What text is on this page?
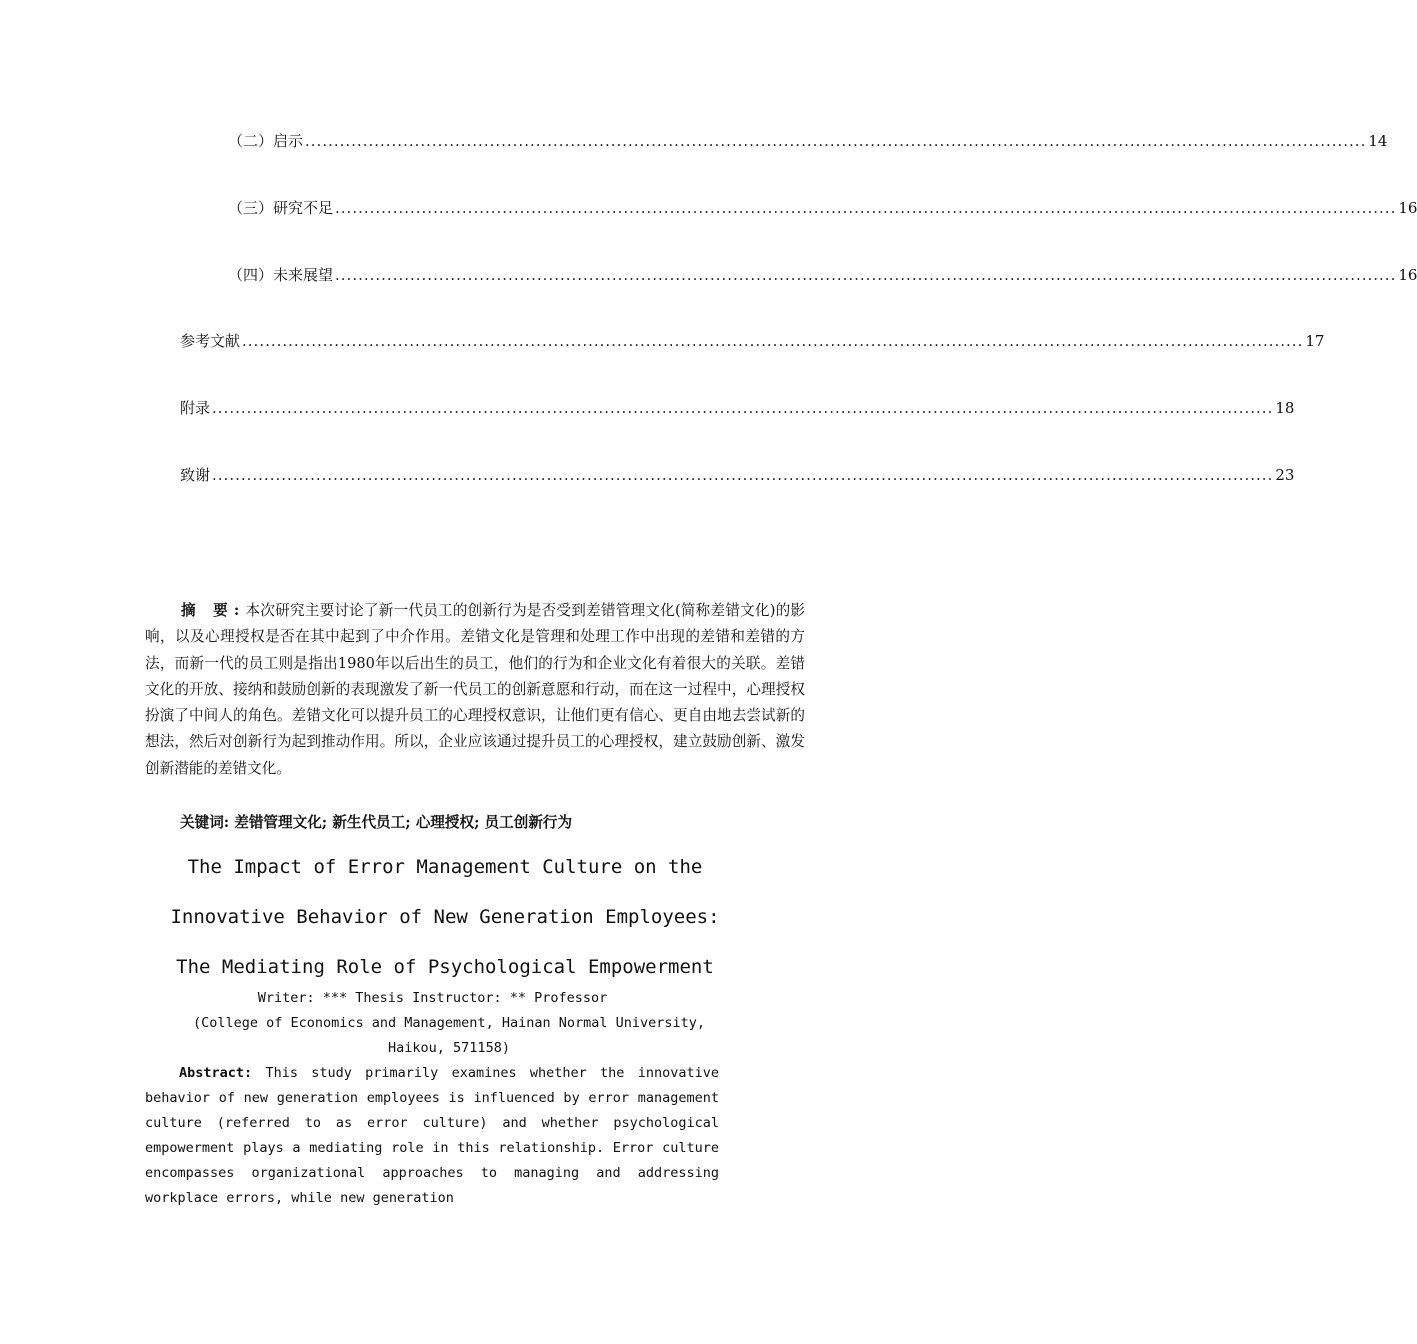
（二）启示 ........................................................................................................................................................................................ 14
（三）研究不足 ........................................................................................................................................................................................ 16
（四）未来展望 ........................................................................................................................................................................................ 16
参考文献 ........................................................................................................................................................................................ 17
附录 ........................................................................................................................................................................................ 18
致谢 ........................................................................................................................................................................................ 23
摘 要:本次研究主要讨论了新一代员工的创新行为是否受到差错管理文化(简称差错文化)的影响，以及心理授权是否在其中起到了中介作用。差错文化是管理和处理工作中出现的差错和差错的方法，而新一代的员工则是指出1980年以后出生的员工，他们的行为和企业文化有着很大的关联。差错文化的开放、接纳和鼓励创新的表现激发了新一代员工的创新意愿和行动，而在这一过程中，心理授权扮演了中间人的角色。差错文化可以提升员工的心理授权意识，让他们更有信心、更自由地去尝试新的想法，然后对创新行为起到推动作用。所以，企业应该通过提升员工的心理授权，建立鼓励创新、激发创新潜能的差错文化。
关键词: 差错管理文化; 新生代员工; 心理授权; 员工创新行为
The Impact of Error Management Culture on the
Innovative Behavior of New Generation Employees:
The Mediating Role of Psychological Empowerment
Writer: *** Thesis Instructor: ** Professor
(College of Economics and Management, Hainan Normal University, Haikou, 571158)
Abstract: This study primarily examines whether the innovative behavior of new generation employees is influenced by error management culture (referred to as error culture) and whether psychological empowerment plays a mediating role in this relationship. Error culture encompasses organizational approaches to managing and addressing workplace errors, while new generation
